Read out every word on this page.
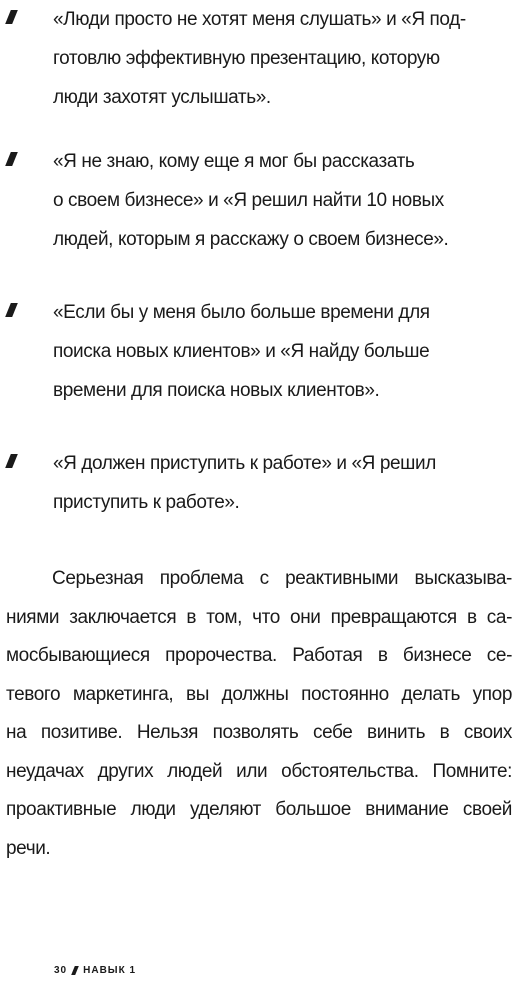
«Люди просто не хотят меня слушать» и «Я под-
готовлю эффективную презентацию, которую
люди захотят услышать».
«Я не знаю, кому еще я мог бы рассказать
о своем бизнесе» и «Я решил найти 10 новых
людей, которым я расскажу о своем бизнесе».
«Если бы у меня было больше времени для
поиска новых клиентов» и «Я найду больше
времени для поиска новых клиентов».
«Я должен приступить к работе» и «Я решил
приступить к работе».
Серьезная проблема с реактивными высказыва-
ниями заключается в том, что они превращаются в са-
мосбывающиеся пророчества. Работая в бизнесе се-
тевого маркетинга, вы должны постоянно делать упор
на позитиве. Нельзя позволять себе винить в своих
неудачах других людей или обстоятельства. Помните:
проактивные люди уделяют большое внимание своей
речи.
30 НАВЫК 1
